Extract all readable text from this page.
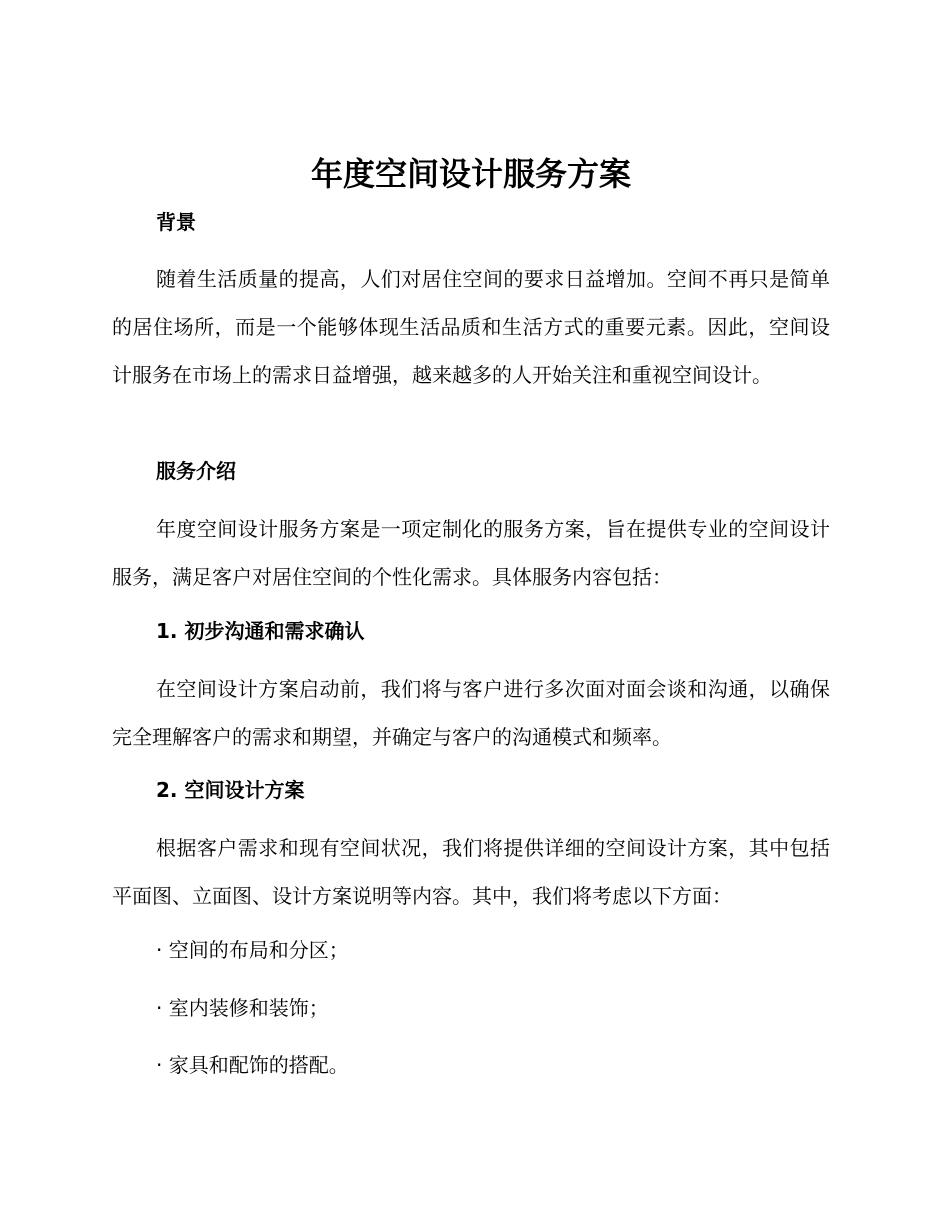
年度空间设计服务方案
背景

随着生活质量的提高，人们对居住空间的要求日益增加。空间不再只是简单的居住场所，而是一个能够体现生活品质和生活方式的重要元素。因此，空间设计服务在市场上的需求日益增强，越来越多的人开始关注和重视空间设计。

服务介绍

年度空间设计服务方案是一项定制化的服务方案，旨在提供专业的空间设计服务，满足客户对居住空间的个性化需求。具体服务内容包括：

1. 初步沟通和需求确认

在空间设计方案启动前，我们将与客户进行多次面对面会谈和沟通，以确保完全理解客户的需求和期望，并确定与客户的沟通模式和频率。

2. 空间设计方案

根据客户需求和现有空间状况，我们将提供详细的空间设计方案，其中包括平面图、立面图、设计方案说明等内容。其中，我们将考虑以下方面：

· 空间的布局和分区；

· 室内装修和装饰；

· 家具和配饰的搭配。
